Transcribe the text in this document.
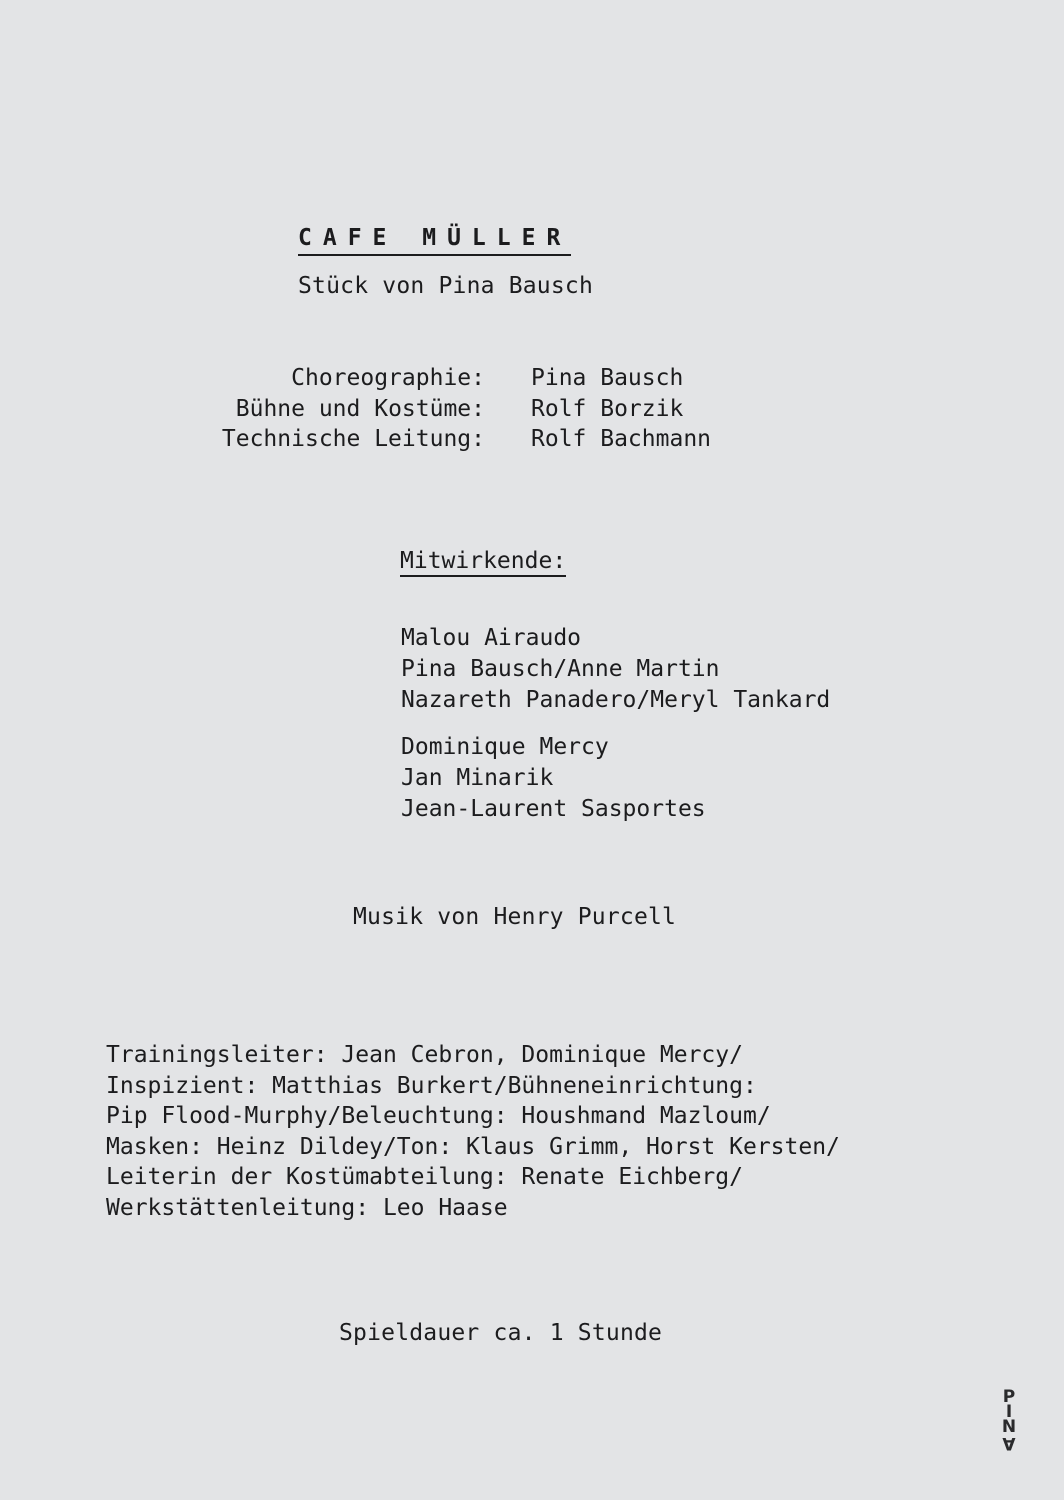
CAFE MÜLLER
Stück von Pina Bausch
Choreographie: Pina Bausch
Bühne und Kostüme: Rolf Borzik
Technische Leitung: Rolf Bachmann
Mitwirkende:
Malou Airaudo
Pina Bausch/Anne Martin
Nazareth Panadero/Meryl Tankard
Dominique Mercy
Jan Minarik
Jean-Laurent Sasportes
Musik von Henry Purcell
Trainingsleiter: Jean Cebron, Dominique Mercy/
Inspizient: Matthias Burkert/Bühneneinrichtung:
Pip Flood-Murphy/Beleuchtung: Houshmand Mazloum/
Masken: Heinz Dildey/Ton: Klaus Grimm, Horst Kersten/
Leiterin der Kostümabteilung: Renate Eichberg/
Werkstättenleitung: Leo Haase
Spieldauer ca. 1 Stunde
P
I
N
A
